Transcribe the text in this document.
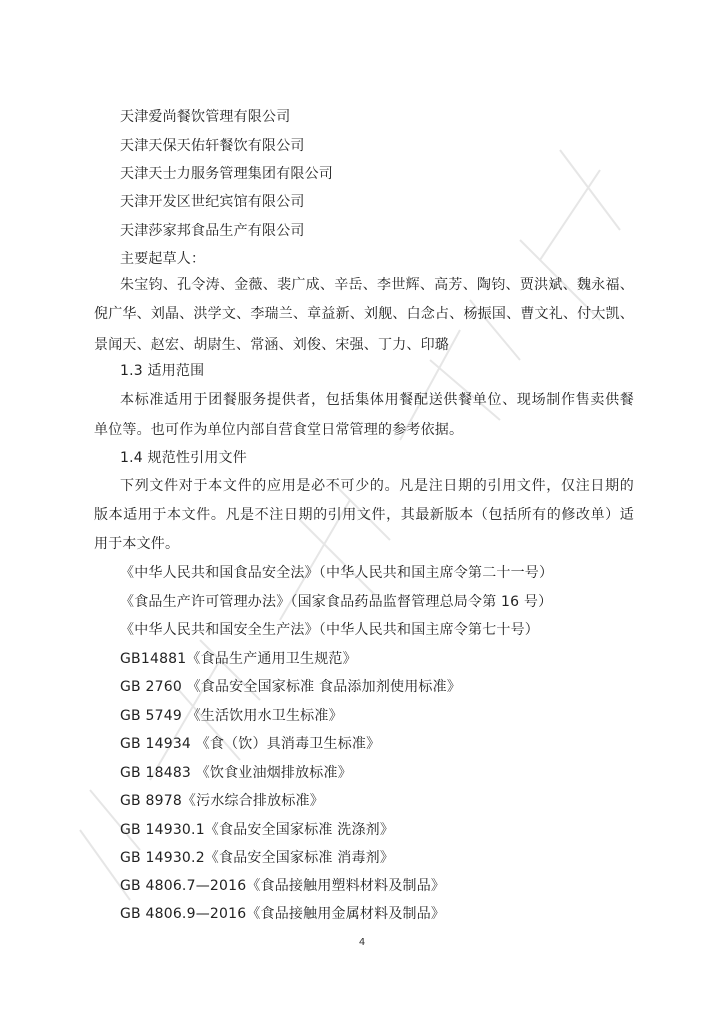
天津爱尚餐饮管理有限公司
天津天保天佑轩餐饮有限公司
天津天士力服务管理集团有限公司
天津开发区世纪宾馆有限公司
天津莎家邦食品生产有限公司
主要起草人：
朱宝钧、孔令涛、金薇、裴广成、辛岳、李世辉、高芳、陶钧、贾洪斌、魏永福、
倪广华、刘晶、洪学文、李瑞兰、章益新、刘舰、白念占、杨振国、曹文礼、付大凯、
景闻天、赵宏、胡尉生、常涵、刘俊、宋强、丁力、印璐
1.3 适用范围
本标准适用于团餐服务提供者，包括集体用餐配送供餐单位、现场制作售卖供餐
单位等。也可作为单位内部自营食堂日常管理的参考依据。
1.4 规范性引用文件
下列文件对于本文件的应用是必不可少的。凡是注日期的引用文件，仅注日期的
版本适用于本文件。凡是不注日期的引用文件，其最新版本（包括所有的修改单）适
用于本文件。
《中华人民共和国食品安全法》（中华人民共和国主席令第二十一号）
《食品生产许可管理办法》（国家食品药品监督管理总局令第 16 号）
《中华人民共和国安全生产法》（中华人民共和国主席令第七十号）
GB14881《食品生产通用卫生规范》
GB 2760 《食品安全国家标准 食品添加剂使用标准》
GB 5749 《生活饮用水卫生标准》
GB 14934 《食（饮）具消毒卫生标准》
GB 18483 《饮食业油烟排放标准》
GB 8978《污水综合排放标准》
GB 14930.1《食品安全国家标准 洗涤剂》
GB 14930.2《食品安全国家标准 消毒剂》
GB 4806.7—2016《食品接触用塑料材料及制品》
GB 4806.9—2016《食品接触用金属材料及制品》
4
